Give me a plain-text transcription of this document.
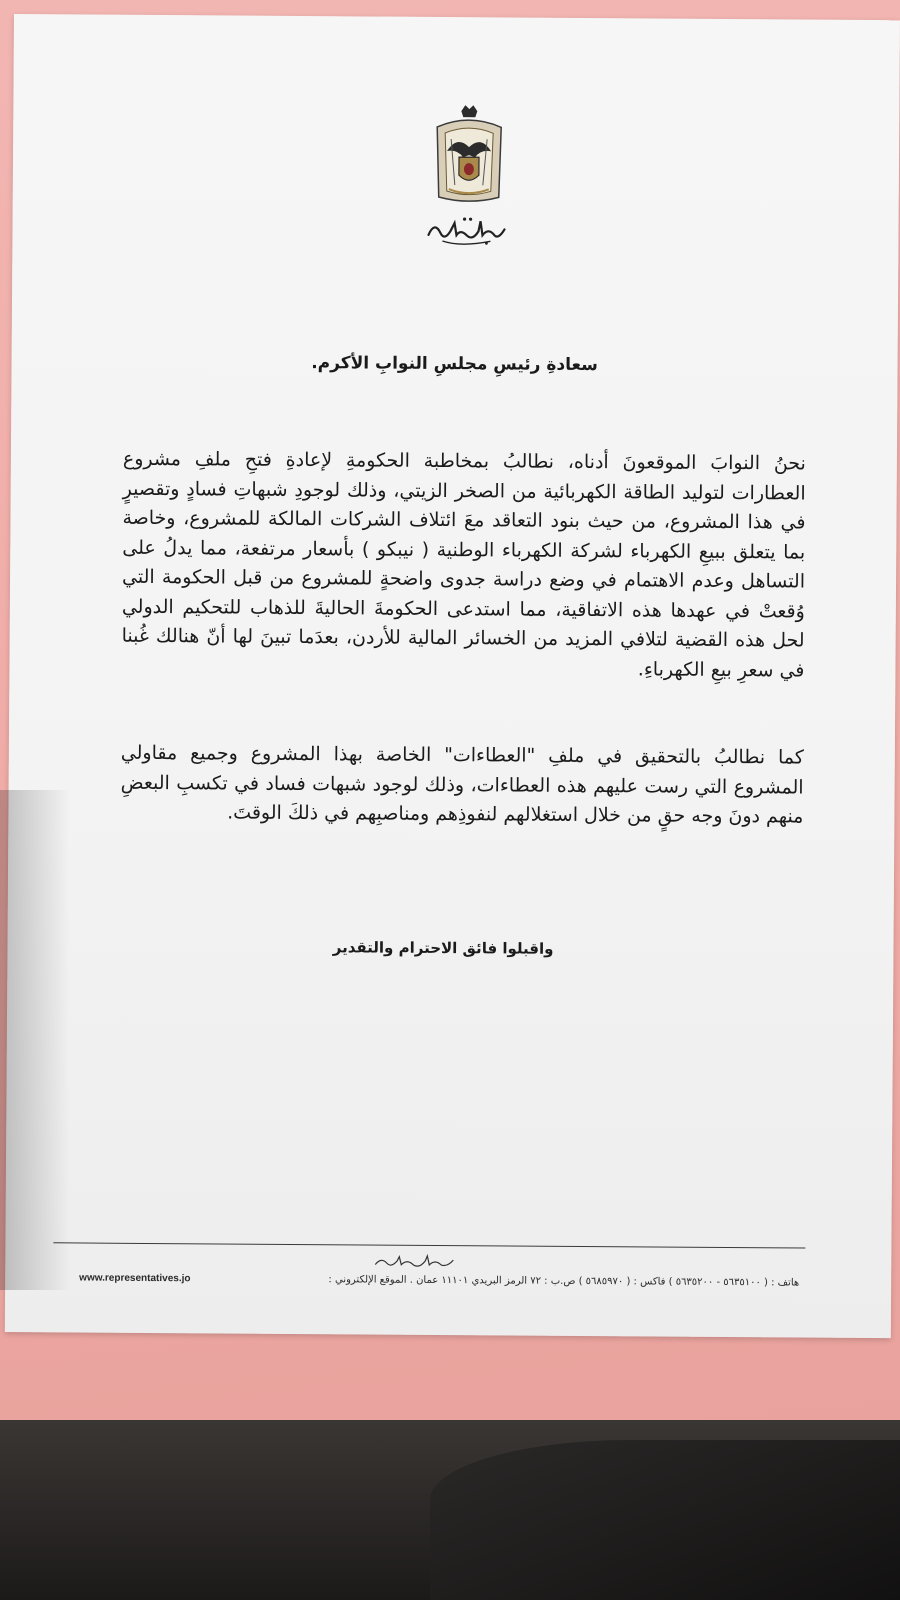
سعادةِ رئيسِ مجلسِ النوابِ الأكرم.

نحنُ النوابَ الموقعونَ أدناه، نطالبُ بمخاطبة الحكومةِ لإعادةِ فتحِ ملفِ مشروع العطارات لتوليد الطاقة الكهربائية من الصخر الزيتي، وذلك لوجودِ شبهاتِ فسادٍ وتقصيرٍ في هذا المشروع، من حيث بنود التعاقد معَ ائتلاف الشركات المالكة للمشروع، وخاصة بما يتعلق ببيعِ الكهرباء لشركة الكهرباء الوطنية ( نيبكو ) بأسعار مرتفعة، مما يدلُ على التساهل وعدم الاهتمام في وضع دراسة جدوى واضحةٍ للمشروع من قبل الحكومة التي وُقعتْ في عهدها هذه الاتفاقية، مما استدعى الحكومةَ الحاليةَ للذهاب للتحكيم الدولي لحل هذه القضية لتلافي المزيد من الخسائر المالية للأردن، بعدَما تبينَ لها أنّ هنالك غُبنا في سعرِ بيعِ الكهرباءِ.

كما نطالبُ بالتحقيق في ملفِ "العطاءات" الخاصة بهذا المشروع وجميع مقاولي المشروع التي رست عليهم هذه العطاءات، وذلك لوجود شبهات فساد في تكسبِ البعضِ منهم دونَ وجه حقٍ من خلال استغلالهم لنفوذِهم ومناصبِهم في ذلكَ الوقتَ.

واقبلوا فائق الاحترام والتقدير
هاتف : ( ٥٦٣٥١٠٠ - ٥٦٣٥٢٠٠ ) فاكس : ( ٥٦٨٥٩٧٠ ) ص.ب : ٧٢ الرمز البريدي ١١١٠١ عمان . الموقع الإلكتروني :
www.representatives.jo
